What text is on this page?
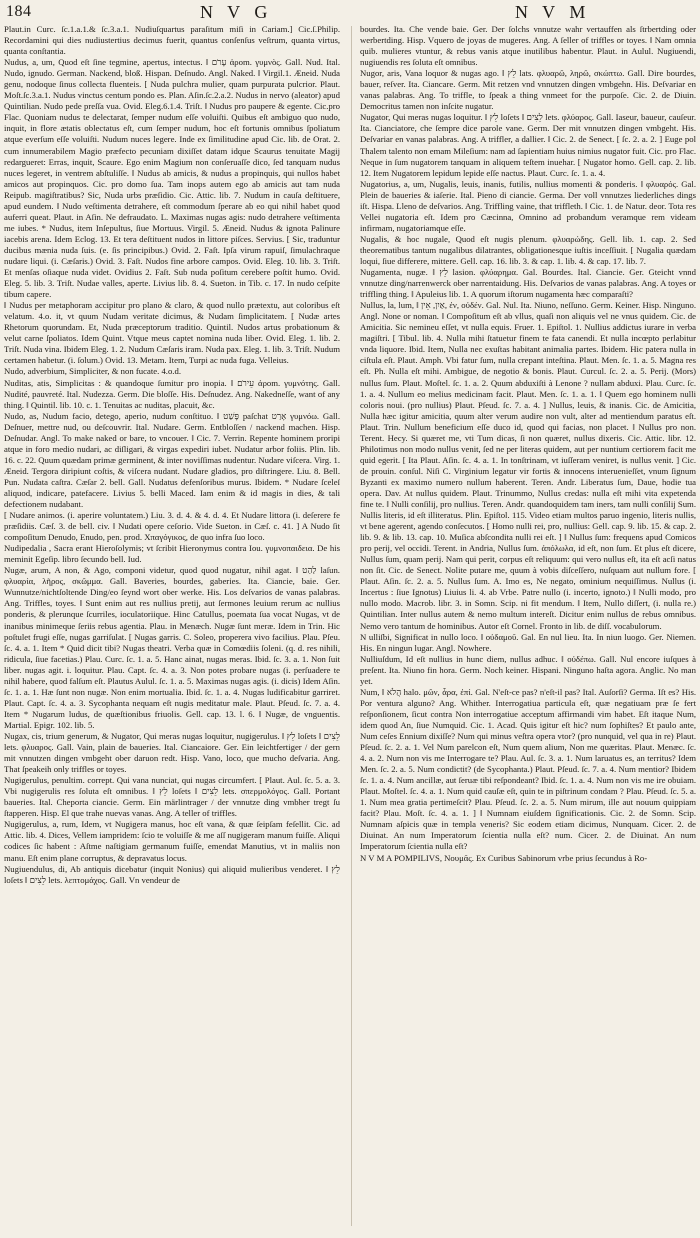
184	N V G	N V M

Plaut.in Curc. ſc.1.a.1.& ſc.3.a.1. Nudiuſquartus paraſitum miſi in Cariam.] Cic.ſ.Philip. Recordamini qui dies nudiustertius decimus fuerit, quantus conſenſus veſtrum, quanta virtus, quanta conſtantia.

Nudus, a, um, Quod eſt ſine tegmine, apertus, intectus. ‖ עָרֹם ἀρom. γυμνὸς. Gall. Nud. Ital. Nudo, ignudo. German. Nackend, bloß. Hispan. Deſnudo. Angl. Naked. ‖ Virgil.1. Æneid. Nuda genu, nodoque ſinus collecta fluenteis. [ Nuda pulchra mulier, quam purpurata pulcrior. Plaut. Moſt.ſc.3.a.1. Nudus vinctus centum pondo es. Plan. Aſin.ſc.2.a.2. Nudus in nervo (aleator) apud Quintilian. Nudo pede preſſa vua. Ovid. Eleg.6.1.4. Triſt. ‖ Nudus pro paupere & egente. Cic.pro Flac. Quoniam nudus te delectarat, ſemper nudum eſſe voluiſti. Quibus eſt ambiguo quo nudo, inquit, in flore ætatis oblectatus eſt, cum ſemper nudum, hoc eſt fortunis omnibus ſpoliatum atque everſum eſſe voluiſti. Nudum nuces legere. Inde ex ſimilitudine apud Cic. lib. de Orat. 2. cum innumerabilem Magio præfecto pecuniam dixiſſet datam idque Scaurus tenuitate Magij redargueret: Erras, inquit, Scaure. Ego enim Magium non conſeruaſſe dico, ſed tanquam nudus nuces legeret, in ventrem abſtuliſſe. ‖ Nudus ab amicis, & nudus a propinquis, qui nullos habet amicos aut propinquos. Cic. pro domo ſua. Tam inops autem ego ab amicis aut tam nuda Reipub. magiſtratibus? Sic, Nuda urbs præſidio. Cic. Attic. lib. 7. Nudum in cauſa deſtituere, apud eundem. ‖ Nudo veſtimenta detrahere, eſt commodum ſperare ab eo qui nihil habet quod auferri queat. Plaut. in Aſin. Ne defraudato. L. Maximas nugas agis: nudo detrahere veſtimenta me iubes. * Nudus, item Inſepultus, ſiue Mortuus. Virgil. 5. Æneid. Nudus & ignota Palinure iacebis arena. Idem Eclog. 13. Et tera deſtituent nudos in littore piſces. Servius. [ Sic, traduntur ducibus mænia nuda ſuis. (e. ſis principibus.) Ovid. 2. Faſt. Ipſa virum rapuiſ, ſimulachraque nudare liqui. (i. Cæſaris.) Ovid. 3. Faſt. Nudos fine arbore campos. Ovid. Eleg. 10. lib. 3. Triſt. Et menſas oſiaque nuda videt. Ovidius 2. Faſt. Sub nuda poſitum cerebere poſtit humo. Ovid. Eleg. 5. lib. 3. Triſt. Nudae valles, aperte. Livius lib. 8. 4. Sueton. in Tib. c. 17. In nudo ceſpite tibum capere.

‖ Nudus per metaphoram accipitur pro plano & claro, & quod nullo prætextu, aut coloribus eſt velatum. 4.o. it, vt quum Nudam veritate dicimus, & Nudam ſimplicitatem. [ Nudæ artes Rhetorum quorundam. Et, Nuda præceptorum traditio. Quintil. Nudos artus probationum & velut carne ſpoliatos. Idem Quint. Vtque meus captet nomina nuda liber. Ovid. Eleg. 1. lib. 2. Triſt. Nuda vina. Ibidem Eleg. 1. 2. Nudum Cæſaris iram. Nuda pax. Eleg. 1. lib. 3. Triſt. Nudum certamen habetur. (i. ſolum.) Ovid. 13. Metam. Item, Turpi ac nuda fuga. Velleius.

Nudo, adverbium, Simpliciter, & non fucate. 4.o.d.

Nuditas, atis, Simplicitas : & quandoque ſumitur pro inopia. ‖ עֵירֹם ἀρom. γυμνότης. Gall. Nudité, pauvreté. Ital. Nudezza. Germ. Die bloſſe. His. Deſnudez. Ang. Nakedneſſe, want of any thing. ‖ Quintil. lib. 10. c. 1. Tenuitas ac nuditas, placuit, &c.

Nudo, as, Nudum facio, detego, aperio, nudum conſtituo. ‖ פָּשַׁט paſchat אָרַט γυμνόω. Gall. Deſnuer, mettre nud, ou deſcouvrir. Ital. Nudare. Germ. Entbloſſen / nackend machen. Hisp. Deſnudar. Angl. To make naked or bare, to vncouer. ‖ Cic. 7. Verrin. Repente hominem proripi atque in foro medio nudari, ac diſligari, & virgas expediri iubet. Nudatur arbor foliis. Plin. lib. 16. c. 22. Quum quædam primæ germinent, & inter noviſſimas nudentur. Nudare viſcera. Virg. 1. Æneid. Tergora diripiunt coſtis, & viſcera nudant. Nudare gladios, pro diſtringere. Liu. 8. Bell. Pun. Nudata caſtra. Cæſar 2. bell. Gall. Nudatus defenſoribus murus. Ibidem. * Nudare ſceleſ aliquod, indicare, patefacere. Livius 5. belli Maced. Iam enim & id magis in dies, & tali defectionem nudabant.

[ Nudare animos. (i. aperire voluntatem.) Liu. 3. d. 4. & 4. d. 4. Et Nudare littora (i. deſerere fe præſidiis. Cæſ. 3. de bell. civ. ‖ Nudati opere ceſorio. Vide Sueton. in Cæſ. c. 41. ] A Nudo ſit compoſitum Denudo, Enudo, pen. prod. Χπαγόγικος, de quo infra ſuo loco.

Nudipedalia , Sacra erant Hieroſolymis; vt ſcribit Hieronymus contra Iou. γυμνοπαιδεια. De his meminit Egeſip. libro ſecundo bell. Iud.

Nugæ, arum, A non, & Ago, componi videtur, quod quod nugatur, nihil agat. ‖ לַהַט laſun. φλυαρία, λῆρος, σκῶμμα. Gall. Baveries, bourdes, gaberies. Ita. Ciancie, baie. Ger. Wunnutze/nichtſoltende Ding/eo ſeynd wort ober werke. His. Los deſvarios de vanas palabras. Ang. Triffles, toyes. ‖ Sunt enim aut res nullius pretij, aut ſermones leuium rerum ac nullius ponderis, & plerunque ſcurriles, ioculatoriique. Hinc Catullus, poemata ſua vocat Nugas, vt de inanibus minimeque ſeriis rebus agentia. Plau. in Menæch. Nugæ ſunt meræ. Idem in Trin. Hic poſtulet frugi eſſe, nugas garriſulat. [ Nugas garris. C. Soleo, properera vivo facilius. Plau. Pſeu. ſc. 4. a. 1. Item * Quid dicit tibi? Nugas theatri. Verba quæ in Comœdiis ſoleni. (q. d. res nihili, ridicula, ſiue facetias.) Plau. Curc. ſc. 1. a. 5. Hanc ainat, nugas meras. Ibid. ſc. 3. a. 1. Non ſuit liber. nugas agit. i. loquitur. Plau. Capt. ſc. 4. a. 3. Non potes probare nugas (i. perſuadere te nihil habere, quod falſum eſt. Plautus Aulul. ſc. 1. a. 5. Maximas nugas agis. (i. dicis) Idem Aſin. ſc. 1. a. 1. Hæ ſunt non nugæ. Non enim mortualia. Ibid. ſc. 1. a. 4. Nugas ludificabitur garriret. Plaut. Capt. ſc. 4. a. 3. Sycophanta nequam eſt nugis meditatur male. Plaut. Pſeud. ſc. 7. a. 4. Item * Nugarum ludus, de quæſtionibus friuolis. Gell. cap. 13. l. 6. ‖ Nugæ, de vnguentis. Martial. Epigr. 102. lib. 5.

Nugax, cis, trium generum, & Nugator, Qui meras nugas loquitur, nugigerulus. ‖ לֵץ loſets ‖ לֵצִים lets. φλυαρος. Gall. Vain, plain de baueries. Ital. Ciancaiore. Ger. Ein leichtfertiger / der gern mit vnnutzen dingen vmbgeht ober daruon redt. Hisp. Vano, loco, que mucho deſvaria. Ang. That ſpeakeih only triffles or toyes.

Nugigerulus, penultim. corrept. Qui vana nunciat, qui nugas circumfert. [ Plaut. Aul. ſc. 5. a. 3. Vbi nugigerulis res ſoluta eſt omnibus. ‖ לֵץ loſets ‖ לֵצִים lets. σπερμολόγος. Gall. Portant baueries. Ital. Cheporta ciancie. Germ. Ein märlintrager / der vnnutze ding vmbher tregt ſu ſtapperen. Hisp. El que trahe nuevas vanas. Ang. A teller of triffles.

Nugigerulus, a, rum, Idem, vt Nugigera manus, hoc eſt vana, & quæ ſeipſam feſellit. Cic. ad Attic. lib. 4. Dices, Vellem iampridem: ſcio te voluiſſe & me aſſ nugigeram manum fuiſſe. Aliqui codices ſic habent : Aſtme naſtigiam germanum fuiſſe, emendat Manutius, vt in maliis non manu. Eſt enim plane corruptus, & depravatus locus.

Nugiuendulus, di, Ab antiquis dicebatur (inquit Nonius) qui aliquid mulieribus venderet. ‖ לֵץ loſets ‖ לֵצִים lets. λεπτομάχος. Gall. Vn vendeur de

bourdes. Ita. Che vende baie. Ger. Der ſolchs vnnutze wahr vertauffen als ſtrbertding oder werbertding. Hisp. Vquero de joyas de mugeres. Ang. A ſeller of triffles or toyes. ‖ Nam omnia quib. mulieres vtuntur, & rebus vanis atque inutilibus habentur. Plaut. in Aulul. Nugiuendi, nugiuendis res ſoluta eſt omnibus.

Nugor, aris, Vana loquor & nugas ago. ‖ לֵץ lats. φλυαρῶ, ληρῶ, σκώπτω. Gall. Dire bourdes, bauer, reſver. Ita. Ciancare. Germ. Mit retzen vnd vnnutzen dingen vmbgehn. His. Deſvariar en vanas palabras. Ang. To triffle, to ſpeak a thing vnmeet for the purpoſe. Cic. 2. de Diuin. Democritus tamen non inſcite nugatur.

Nugator, Qui meras nugas loquitur. ‖ לֵץ loſets ‖ לֵצִים lets. φλύαρος. Gall. Iaseur, baueur, cauſeur. Ita. Cianciatore, che ſempre dice parole vane. Germ. Der mit vnnutzen dingen vmbgeht. His. Deſvariar en vanas palabras. Ang. A triffler, a dallier. ‖ Cic. 2. de Senect. [ ſc. 2. a. 2. ] Euge pol Thalem talento non emam Mileſium: nam ad ſapientiam huius nimius nugator fuit. Cic. pro Flac. Neque in ſum nugatorem tanquam in aliquem teſtem inuehar. [ Nugator homo. Gell. cap. 2. lib. 12. Item Nugatorem lepidum lepide eſſe nactus. Plaut. Curc. ſc. 1. a. 4.

Nugatorius, a, um, Nugalis, leuis, inanis, futilis, nullius momenti & ponderis. ‖ φλυαρός. Gal. Plein de baueries & iaſerie. Ital. Pieno di ciancie. Germa. Der voll vnnutzes liederliches dings iſt. Hispa. Lleno de deſvarios. Ang. Triffling vaine, that triffleth. ‖ Cic. 1. de Natur. deor. Tota res Vellei nugatoria eſt. Idem pro Cæcinna, Omnino ad probandum veramque rem videam infirmam, nugatoriamque eſſe.

Nugalis, & hoc nugale, Quod eſt nugis plenum. φλυαρώδης. Gell. lib. 1. cap. 2. Sed theorematibus tantum nugalibus dilatrantes, obligationesque iuſtis inceſſiuit. [ Nugalia quædam loqui, ſiue differere, mittere. Gell. cap. 16. lib. 3. & cap. 1. lib. 4. & cap. 17. lib. 7.

Nugamenta, nugæ. ‖ לֵץ lasion. φλύαρημα. Gal. Bourdes. Ital. Ciancie. Ger. Gteicht vnnd vnnutze ding/narrenwerck ober narrentaidung. His. Deſvarios de vanas palabras. Ang. A toyes or triffling thing. ‖ Apuleius lib. 1. A quorum iſtorum nugamenta hæc comparaſti?

Nullus, la, lum, ‖ אַיִן, אֵין, ἐν, οὐδέν. Gal. Nul. Ita. Niuno, neſſuno. Germ. Keiner. Hisp. Ninguno. Angl. None or noman. ‖ Compoſitum eſt ab vllus, quaſi non aliquis vel ne vnus quidem. Cic. de Amicitia. Sic nemineu eſſet, vt nulla equis. Fruer. 1. Epiſtol. 1. Nullius addictus iurare in verba magiſtri. [ Tibul. lib. 4. Nulla mihi ſtatuetur finem te fata canendi. Et nulla incœpto perlabitur vnda liquore. Ibid. Item, Nulla nec exuſtas habitant animalia partes. Ibidem. Hic patera nulla in ciſtula eſt. Plaut. Amph. Vbi fatur ſum, nulla crepant inteſtina. Plaut. Men. ſc. 1. a. 5. Magna res eſt. Ph. Nulla eſt mihi. Ambigue, de negotio & bonis. Plaut. Curcul. ſc. 2. a. 5. Perij. (Mors) nullus ſum. Plaut. Moſtel. ſc. 1. a. 2. Quum abduxiſti à Lenone ? nullam abduxi. Plau. Curc. ſc. 1. a. 4. Nullum eo melius medicinam facit. Plaut. Men. ſc. 1. a. 1. ‖ Quem ego hominem nulli coloris noui. (pro nullius) Plaut. Pſeud. ſc. 7. a. 4. ] Nullus, leuis, & inanis. Cic. de Amicitia, Nulla hæc igitur amicitia, quum alter verum audire non vult, alter ad mentiendum paratus eſt. Plaut. Trin. Nullum beneficium eſſe duco id, quod qui facias, non placet. ‖ Nullus pro non. Terent. Hecy. Si quæret me, vti Tum dicas, ſi non quæret, nullus dixeris. Cic. Attic. libr. 12. Philotimus non modo nullus venit, ſed ne per literas quidem, aut per nuntium certiorem facit me quid egerit. [ Ita Plaut. Aſin. ſc. 4. a. 1. In tonſtrinam, vt iuſſeram veniret, is nullus venit. ] Cic. de prouin. conſul. Niſi C. Virginium legatur vir fortis & innocens interuenieſſet, vnum ſignum Byzanti ex maximo numero nullum haberent. Teren. Andr. Liberatus ſum, Daue, hodie tua opera. Dav. At nullus quidem. Plaut. Trinummo, Nullus credas: nulla eſt mihi vita expetenda fine te. ‖ Nulli conſilij, pro nullius. Teren. Andr. quandoquidem tam iners, tam nulli conſilij Sum. Nullis literis, id eſt illiteratus. Plin. Epiſtol. 115. Video etiam multos paruo ingenio, literis nullis, vt bene agerent, agendo conſecutos. [ Homo nulli rei, pro, nullius: Gell. cap. 9. lib. 15. & cap. 2. lib. 9. & lib. 13. cap. 10. Muſica abſcondita nulli rei eſt. ] ‖ Nullus ſum: frequens apud Comicos pro perij, vel occidi. Terent. in Andria, Nullus ſum. ἀπόλωλα, id eſt, non ſum. Et plus eſt dicere, Nullus ſum, quam perij. Nam qui perit, corpus eſt reliquum: qui vero nullus eſt, ita eſt acſi natus non ſit. Cic. de Senect. Nolite putare me, quum à vobis diſceſſero, nuſquam aut nullum fore. [ Plaut. Aſin. ſc. 2. a. 5. Nullus ſum. A. Imo es, Ne negato, ominium nequiſſimus. Nullus (i. Incertus : ſiue Ignotus) Liuius li. 4. ab Vrbe. Patre nullo (i. incerto, ignoto.) ‖ Nulli modo, pro nullo modo. Macrob. libr. 3. in Somn. Scip. ni fit mendum. ‖ Item, Nullo diſſert, (i. nulla re.) Quintilian. Inter nullus autem & nemo multum intereſt. Dicitur enim nullus de rebus omnibus. Nemo vero tantum de hominibus. Autor eſt Cornel. Fronto in lib. de diſſ. vocabulorum.

N ulliſbi, Significat in nullo loco. ‖ οὐδαμοῦ. Gal. En nul lieu. Ita. In niun luogo. Ger. Niemen. His. En ningun lugar. Angl. Nowhere.

Nulliuſdum, Id eſt nullius in hunc diem, nullus adhuc. ‖ οὐδέπω. Gall. Nul encore iuſques à preſent. Ita. Niuno fin hora. Germ. Noch keiner. Hispani. Ninguno haſta agora. Anglic. No man yet.

Num, ‖ הֲלֹא halo. μῶν, ἆρα, ἐπί. Gal. N'eſt-ce pas? n'eſt-il pas? Ital. Auſorſi? Germa. Iſt es? His. Por ventura alguno? Ang. Whither. Interrogatiua particula eſt, quæ negatiuam præ ſe fert reſponſionem, ſicut contra Non interrogatiue acceptum affirmandi vim habet. Eſt itaque Num, idem quod An, ſiue Numquid. Cic. 1. Acad. Quis igitur eſt hic? num ſophiſtes? Et paulo ante, Num ceſes Ennium dixiſſe? Num qui minus veſtra opera vtor? (pro nunquid, vel qua in re) Plaut. Pſeud. ſc. 2. a. 1. Vel Num parelcon eſt, Num quem alium, Non me quæritas. Plaut. Menæc. ſc. 4. a. 2. Num non vis me Interrogare te? Plau. Aul. ſc. 3. a. 1. Num laruatus es, an territus? Idem Men. ſc. 2. a. 5. Num condictit? (de Sycophanta.) Plaut. Pſeud. ſc. 7. a. 4. Num mentior? Ibidem ſc. 1. a. 4. Num ancillæ, aut ſeruæ tibi reſpondeant? Ibid. ſc. 1. a. 4. Num non vis me ire obuiam. Plaut. Moſtel. ſc. 4. a. 1. Num quid cauſæ eſt, quin te in piſtrinum condam ? Plau. Pſeud. ſc. 5. a. 1. Num mea gratia pertimeſcit? Plau. Pſeud. ſc. 2. a. 5. Num mirum, ille aut nouum quippiam facit? Plau. Moſt. ſc. 4. a. 1. ] ‖ Numnam eiuſdem ſignificationis. Cic. 2. de Somn. Scip. Numnam aſpicis quæ in templa veneris? Sic eodem etiam dicimus, Nunquam. Cicer. 2. de Diuinat. An num Imperatorum ſcientia nulla eſt? num. Cicer. 2. de Diuinat. An num Imperatorum ſcientia nulla eſt?

N V M A POMPILIVS, Νουμᾶς. Ex Curibus Sabinorum vrbe prius ſecundus à Ro-
